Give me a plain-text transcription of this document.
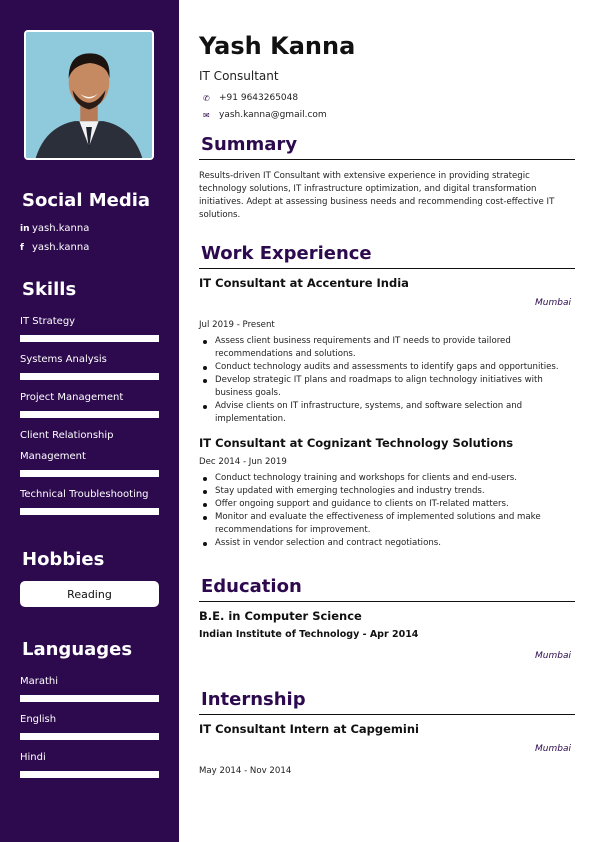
Social Media
in yash.kanna
f yash.kanna
Skills
IT Strategy
Systems Analysis
Project Management
Client Relationship
Management
Technical Troubleshooting
Hobbies
Reading
Languages
Marathi
English
Hindi
Yash Kanna
IT Consultant
✆	+91 9643265048
✉	yash.kanna@gmail.com
Summary
Results-driven IT Consultant with extensive experience in providing strategic technology solutions, IT infrastructure optimization, and digital transformation initiatives. Adept at assessing business needs and recommending cost-effective IT solutions.
Work Experience
IT Consultant at Accenture India
Mumbai
Jul 2019 - Present
Assess client business requirements and IT needs to provide tailored recommendations and solutions.
Conduct technology audits and assessments to identify gaps and opportunities.
Develop strategic IT plans and roadmaps to align technology initiatives with business goals.
Advise clients on IT infrastructure, systems, and software selection and implementation.
IT Consultant at Cognizant Technology Solutions
Dec 2014 - Jun 2019
Conduct technology training and workshops for clients and end-users.
Stay updated with emerging technologies and industry trends.
Offer ongoing support and guidance to clients on IT-related matters.
Monitor and evaluate the effectiveness of implemented solutions and make recommendations for improvement.
Assist in vendor selection and contract negotiations.
Education
B.E. in Computer Science
Indian Institute of Technology - Apr 2014
Mumbai
Internship
IT Consultant Intern at Capgemini
Mumbai
May 2014 - Nov 2014
